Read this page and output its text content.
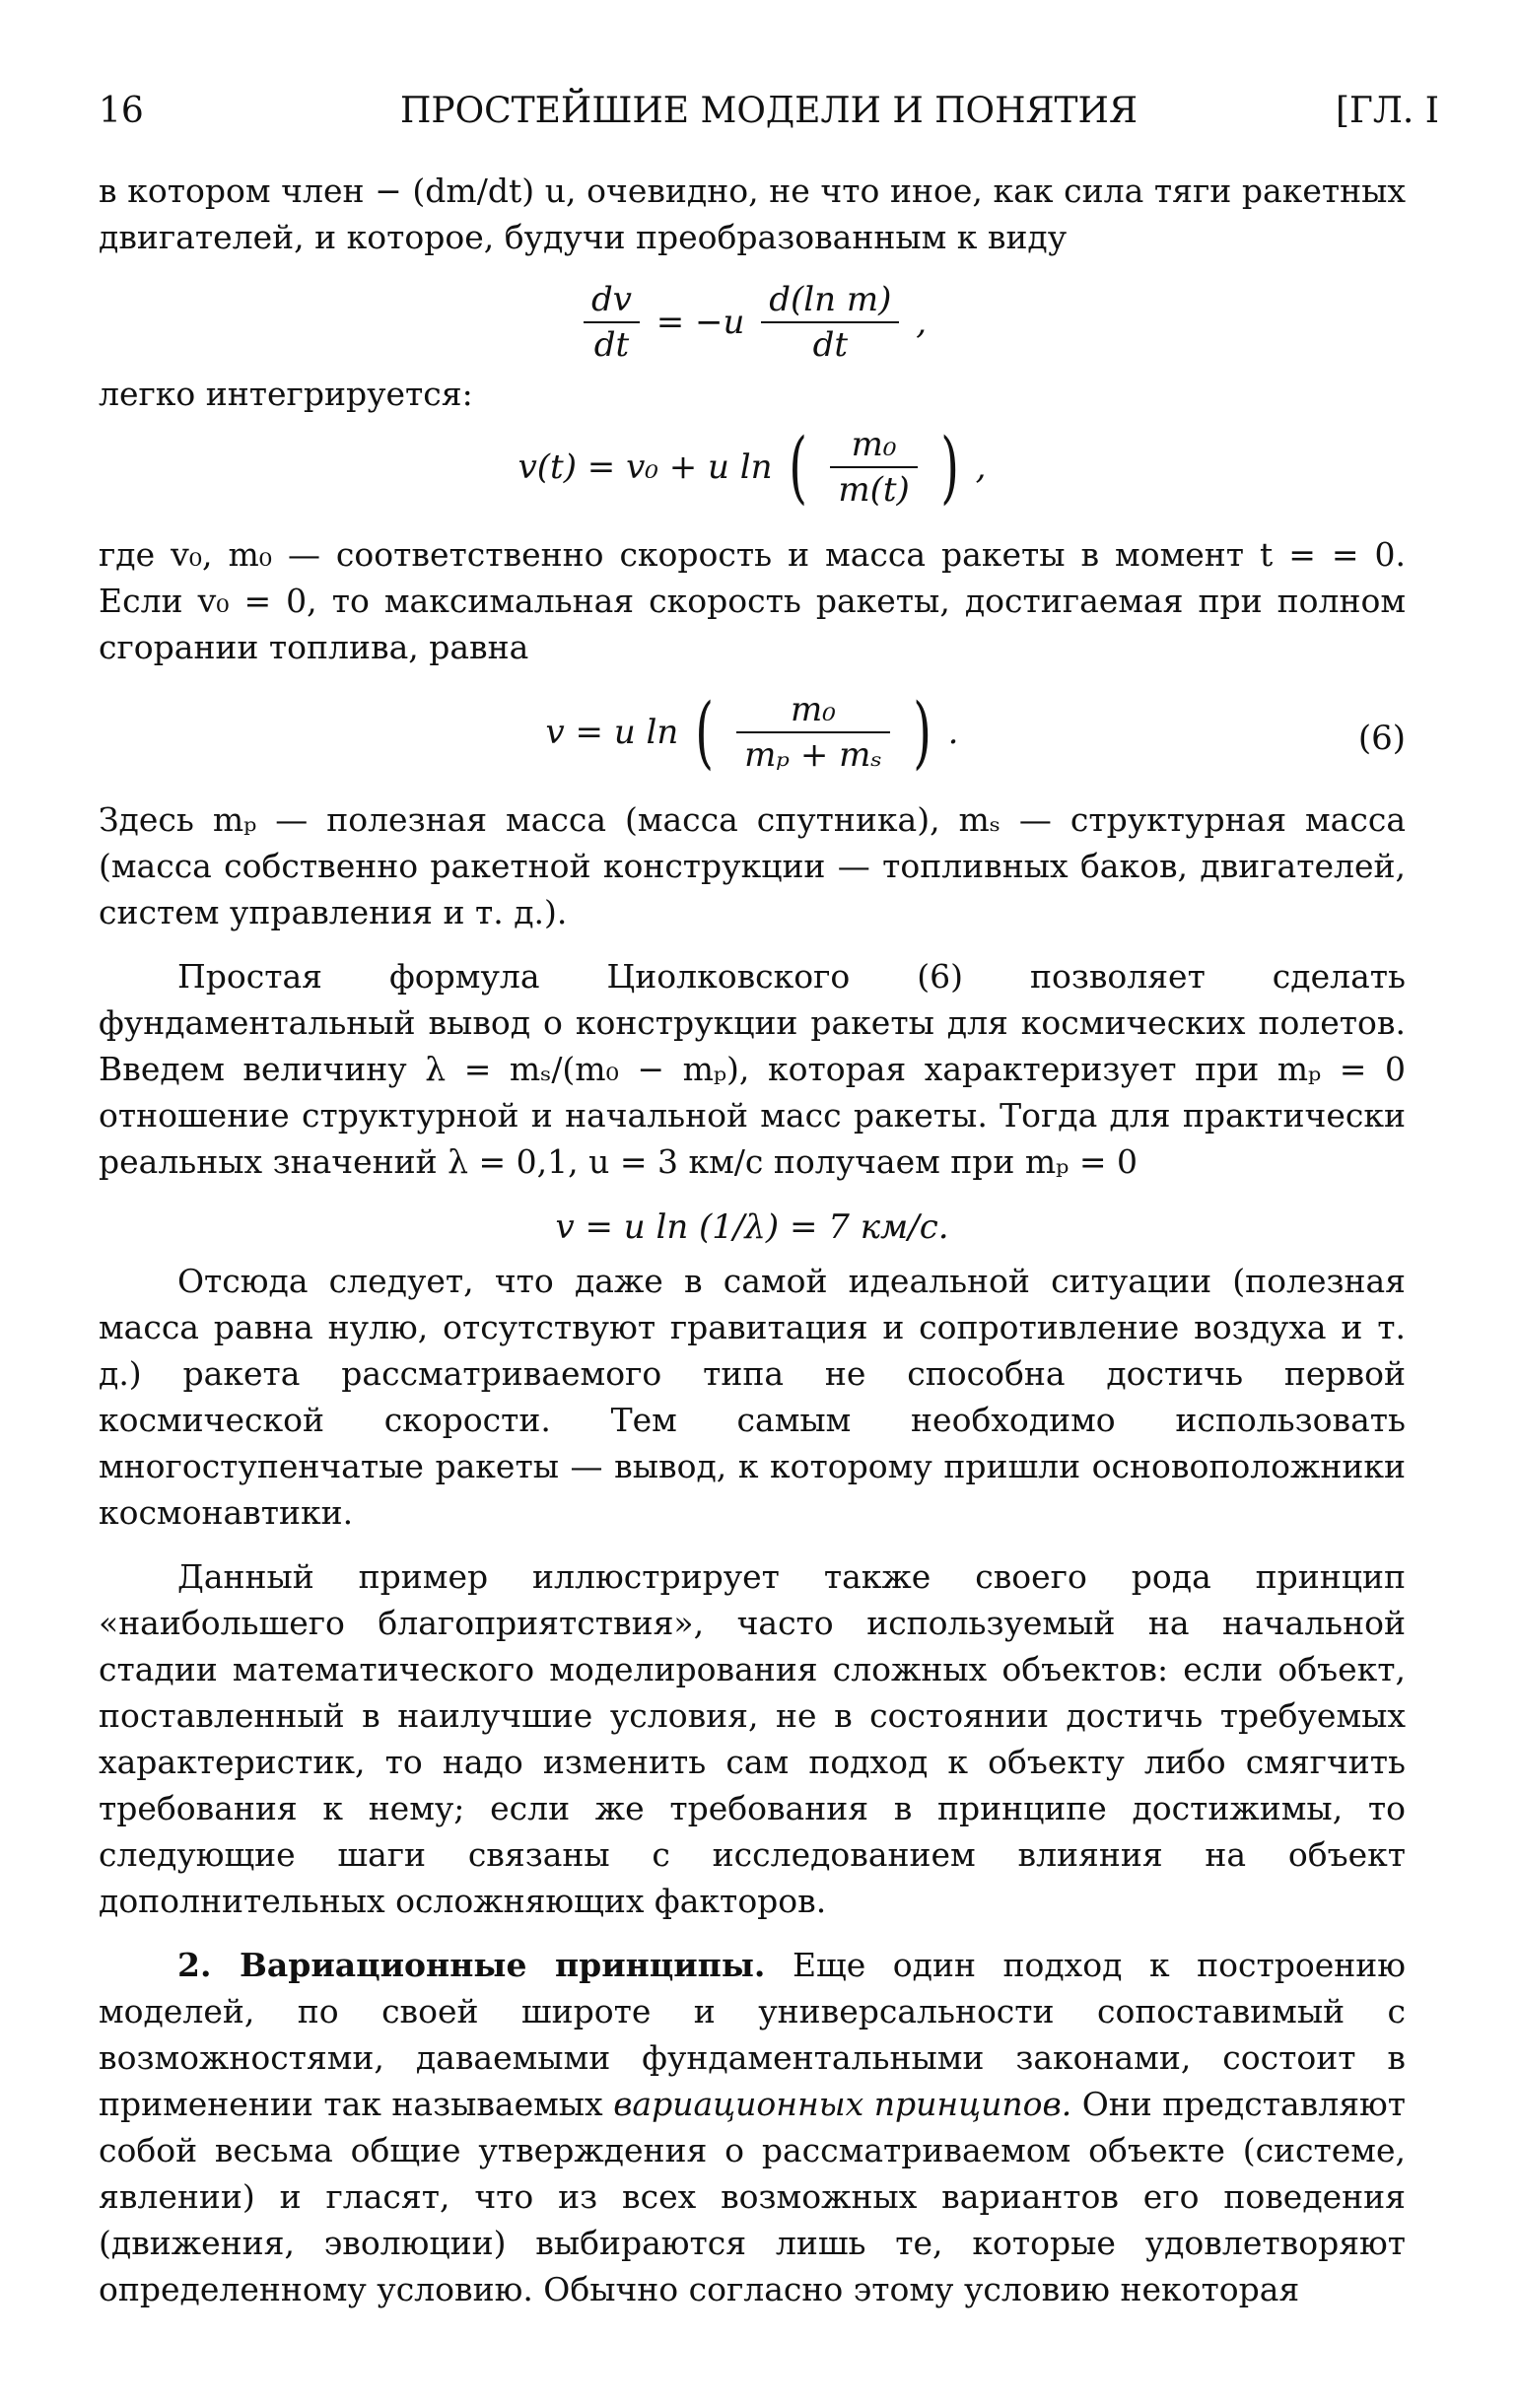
16	ПРОСТЕЙШИЕ МОДЕЛИ И ПОНЯТИЯ	[ГЛ. I

в котором член − (dm/dt) u, очевидно, не что иное, как сила тяги ракетных двигателей, и которое, будучи преобразованным к виду

$\frac{dv}{dt} = -u \frac{\text{d(ln m)}}{dt}$ ,

легко интегрируется:

v(t) = v₀ + u ln ( $\frac{\text{m₀}}{m(t)}$ ) ,

где v₀, m₀ — соответственно скорость и масса ракеты в момент t = = 0. Если v₀ = 0, то максимальная скорость ракеты, достигаемая при полном сгорании топлива, равна

v = u ln ( $\frac{\text{m₀}}{\text{mₚ + mₛ}}$ ) .	(6)

Здесь mₚ — полезная масса (масса спутника), mₛ — структурная масса (масса собственно ракетной конструкции — топливных баков, двигателей, систем управления и т. д.).

Простая формула Циолковского (6) позволяет сделать фундаментальный вывод о конструкции ракеты для космических полетов. Введем величину λ = mₛ/(m₀ − mₚ), которая характеризует при mₚ = 0 отношение структурной и начальной масс ракеты. Тогда для практически реальных значений λ = 0,1, u = 3 км/с получаем при mₚ = 0

v = u ln (1/λ) = 7 км/с.

Отсюда следует, что даже в самой идеальной ситуации (полезная масса равна нулю, отсутствуют гравитация и сопротивление воздуха и т. д.) ракета рассматриваемого типа не способна достичь первой космической скорости. Тем самым необходимо использовать многоступенчатые ракеты — вывод, к которому пришли основоположники космонавтики.

Данный пример иллюстрирует также своего рода принцип «наибольшего благоприятствия», часто используемый на начальной стадии математического моделирования сложных объектов: если объект, поставленный в наилучшие условия, не в состоянии достичь требуемых характеристик, то надо изменить сам подход к объекту либо смягчить требования к нему; если же требования в принципе достижимы, то следующие шаги связаны с исследованием влияния на объект дополнительных осложняющих факторов.

2. Вариационные принципы. Еще один подход к построению моделей, по своей широте и универсальности сопоставимый с возможностями, даваемыми фундаментальными законами, состоит в применении так называемых вариационных принципов. Они представляют собой весьма общие утверждения о рассматриваемом объекте (системе, явлении) и гласят, что из всех возможных вариантов его поведения (движения, эволюции) выбираются лишь те, которые удовлетворяют определенному условию. Обычно согласно этому условию некоторая
